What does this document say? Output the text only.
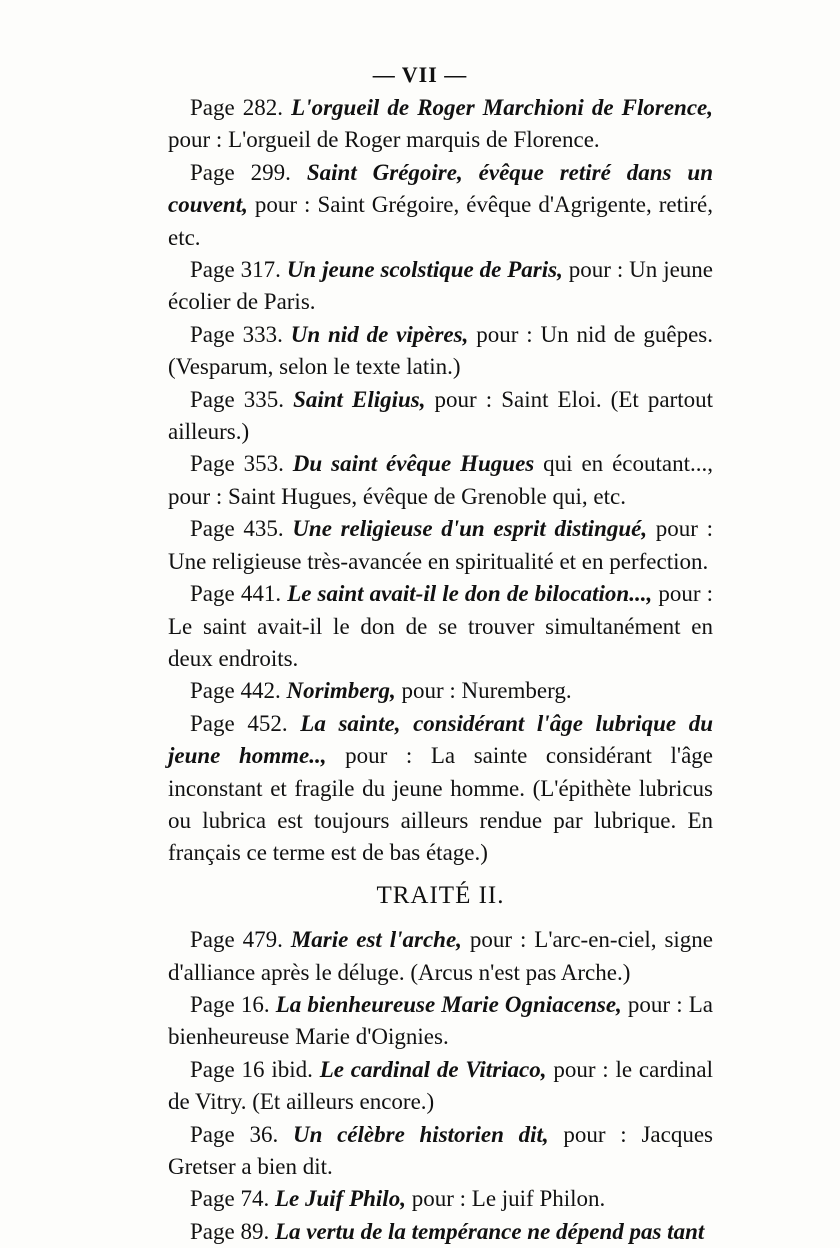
— VII —

Page 282. L'orgueil de Roger Marchioni de Florence, pour : L'orgueil de Roger marquis de Florence.

Page 299. Saint Grégoire, évêque retiré dans un couvent, pour : Saint Grégoire, évêque d'Agrigente, retiré, etc.

Page 317. Un jeune scolstique de Paris, pour : Un jeune écolier de Paris.

Page 333. Un nid de vipères, pour : Un nid de guêpes. (Vesparum, selon le texte latin.)

Page 335. Saint Eligius, pour : Saint Eloi. (Et partout ailleurs.)

Page 353. Du saint évêque Hugues qui en écoutant..., pour : Saint Hugues, évêque de Grenoble qui, etc.

Page 435. Une religieuse d'un esprit distingué, pour : Une religieuse très-avancée en spiritualité et en perfection.

Page 441. Le saint avait-il le don de bilocation..., pour : Le saint avait-il le don de se trouver simultanément en deux endroits.

Page 442. Norimberg, pour : Nuremberg.

Page 452. La sainte, considérant l'âge lubrique du jeune homme.., pour : La sainte considérant l'âge inconstant et fragile du jeune homme. (L'épithète lubricus ou lubrica est toujours ailleurs rendue par lubrique. En français ce terme est de bas étage.)

TRAITÉ II.

Page 479. Marie est l'arche, pour : L'arc-en-ciel, signe d'alliance après le déluge. (Arcus n'est pas Arche.)

Page 16. La bienheureuse Marie Ogniacense, pour : La bienheureuse Marie d'Oignies.

Page 16 ibid. Le cardinal de Vitriaco, pour : le cardinal de Vitry. (Et ailleurs encore.)

Page 36. Un célèbre historien dit, pour : Jacques Gretser a bien dit.

Page 74. Le Juif Philo, pour : Le juif Philon.

Page 89. La vertu de la tempérance ne dépend pas tant
